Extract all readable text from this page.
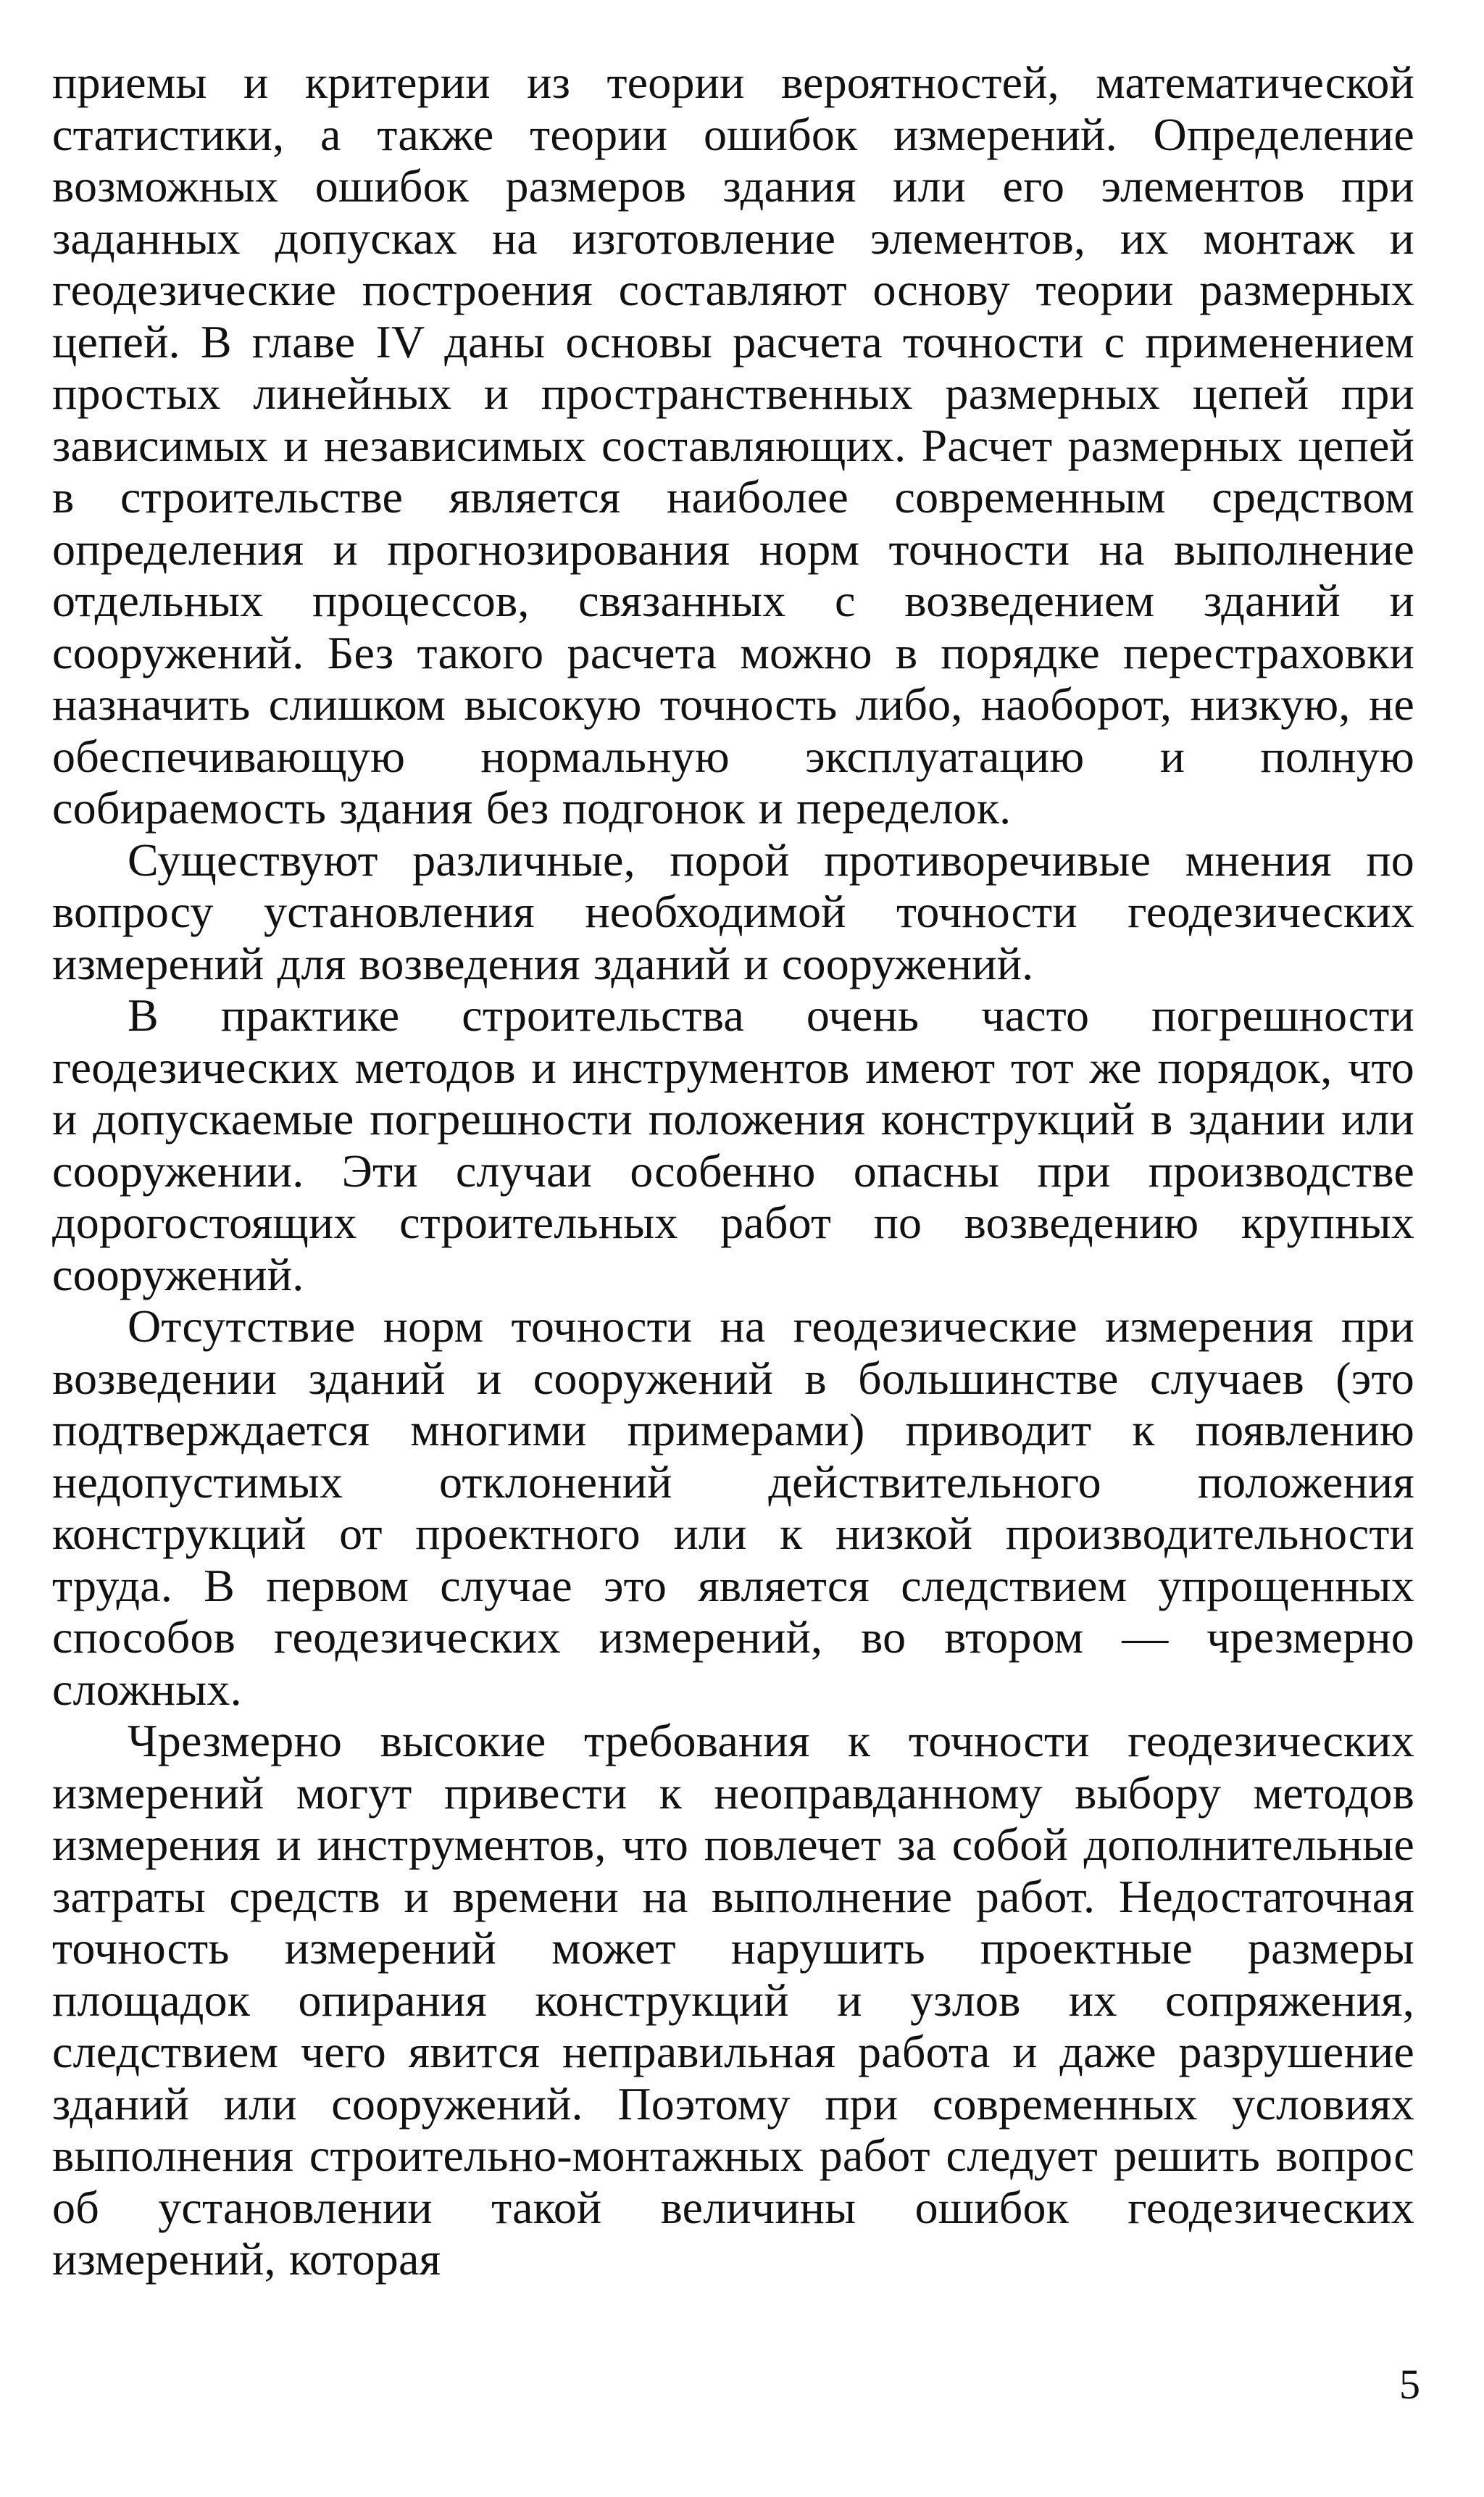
приемы и критерии из теории вероятностей, математической статистики, а также теории ошибок измерений. Определение возможных ошибок размеров здания или его элементов при заданных допусках на изготовление элементов, их монтаж и геодезические построения составляют основу теории размерных цепей. В главе IV даны основы расчета точности с применением простых линейных и пространственных размерных цепей при зависимых и независимых составляющих. Расчет размерных цепей в строительстве является наиболее современным средством определения и прогнозирования норм точности на выполнение отдельных процессов, связанных с возведением зданий и сооружений. Без такого расчета можно в порядке перестраховки назначить слишком высокую точность либо, наоборот, низкую, не обеспечивающую нормальную эксплуатацию и полную собираемость здания без подгонок и переделок.

Существуют различные, порой противоречивые мнения по вопросу установления необходимой точности геодезических измерений для возведения зданий и сооружений.

В практике строительства очень часто погрешности геодезических методов и инструментов имеют тот же порядок, что и допускаемые погрешности положения конструкций в здании или сооружении. Эти случаи особенно опасны при производстве дорогостоящих строительных работ по возведению крупных сооружений.

Отсутствие норм точности на геодезические измерения при возведении зданий и сооружений в большинстве случаев (это подтверждается многими примерами) приводит к появлению недопустимых отклонений действительного положения конструкций от проектного или к низкой производительности труда. В первом случае это является следствием упрощенных способов геодезических измерений, во втором — чрезмерно сложных.

Чрезмерно высокие требования к точности геодезических измерений могут привести к неоправданному выбору методов измерения и инструментов, что повлечет за собой дополнительные затраты средств и времени на выполнение работ. Недостаточная точность измерений может нарушить проектные размеры площадок опирания конструкций и узлов их сопряжения, следствием чего явится неправильная работа и даже разрушение зданий или сооружений. Поэтому при современных условиях выполнения строительно-монтажных работ следует решить вопрос об установлении такой величины ошибок геодезических измерений, которая

5
